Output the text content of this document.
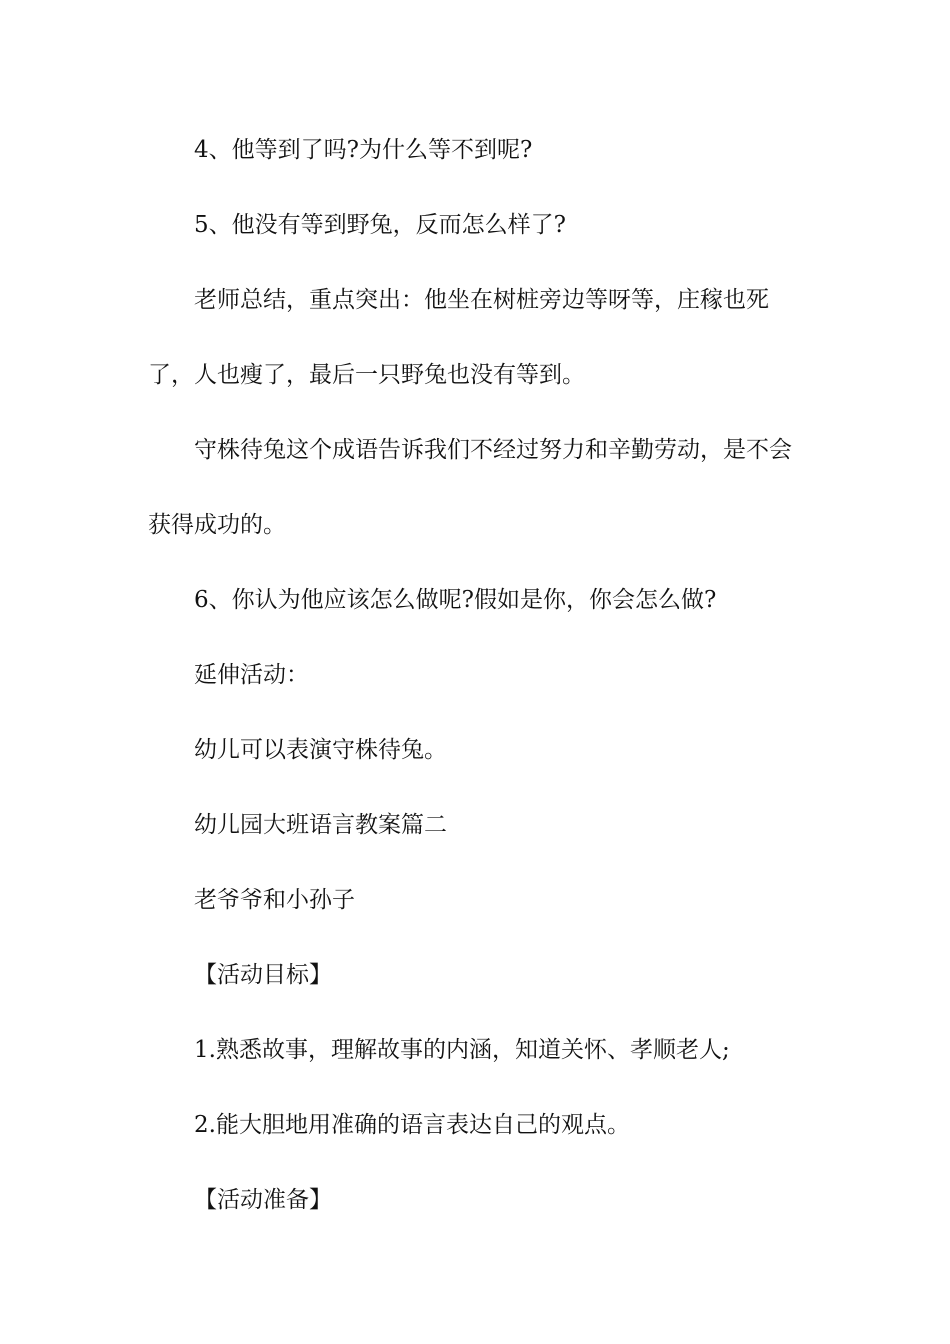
4、他等到了吗?为什么等不到呢?

5、他没有等到野兔，反而怎么样了?

老师总结，重点突出：他坐在树桩旁边等呀等，庄稼也死了，人也瘦了，最后一只野兔也没有等到。

守株待兔这个成语告诉我们不经过努力和辛勤劳动，是不会获得成功的。

6、你认为他应该怎么做呢?假如是你，你会怎么做?

延伸活动：

幼儿可以表演守株待兔。

幼儿园大班语言教案篇二

老爷爷和小孙子

【活动目标】

1.熟悉故事，理解故事的内涵，知道关怀、孝顺老人;

2.能大胆地用准确的语言表达自己的观点。

【活动准备】
